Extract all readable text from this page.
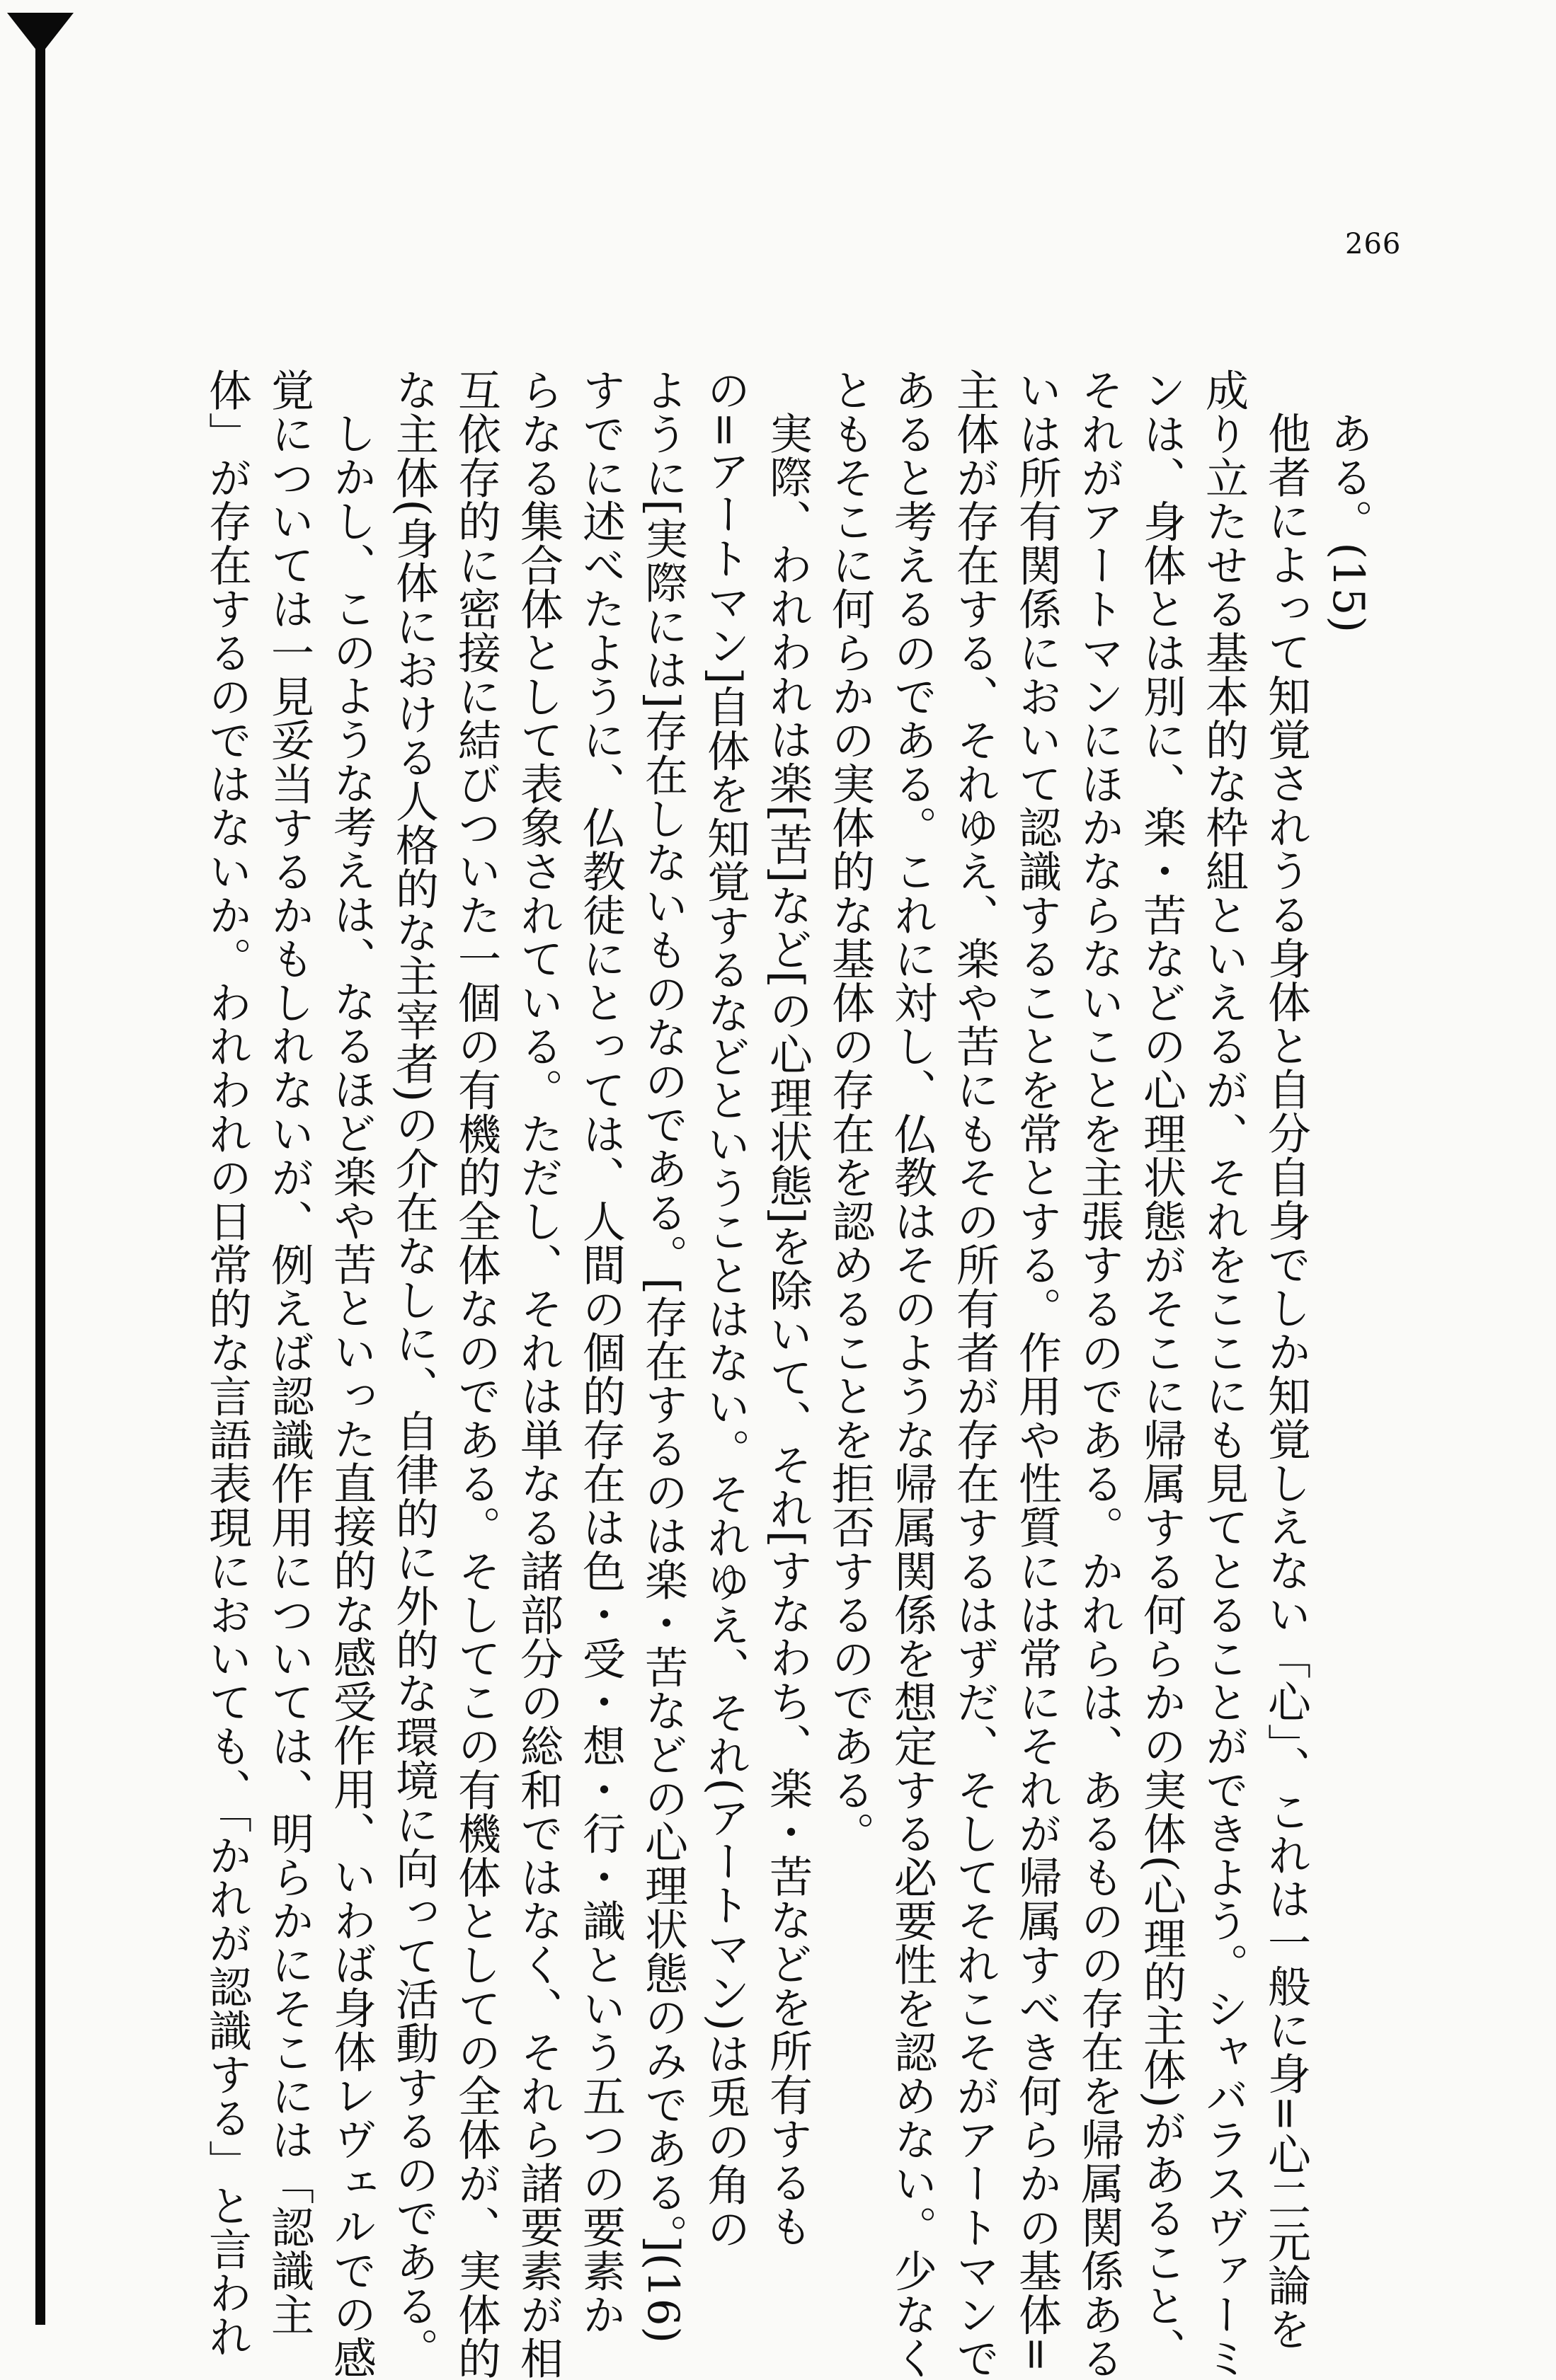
266
ある。(15)
他者によって知覚されうる身体と自分自身でしか知覚しえない「心」、これは一般に身=心二元論を
成り立たせる基本的な枠組といえるが、それをここにも見てとることができよう。シャバラスヴァーミ
ンは、身体とは別に、楽・苦などの心理状態がそこに帰属する何らかの実体(心理的主体)があること、
それがアートマンにほかならないことを主張するのである。かれらは、あるものの存在を帰属関係ある
いは所有関係において認識することを常とする。作用や性質には常にそれが帰属すべき何らかの基体=
主体が存在する、それゆえ、楽や苦にもその所有者が存在するはずだ、そしてそれこそがアートマンで
あると考えるのである。これに対し、仏教はそのような帰属関係を想定する必要性を認めない。少なく
ともそこに何らかの実体的な基体の存在を認めることを拒否するのである。
実際、われわれは楽[苦]など[の心理状態]を除いて、それ[すなわち、楽・苦などを所有するも
の=アートマン]自体を知覚するなどということはない。それゆえ、それ(アートマン)は兎の角の
ように[実際には]存在しないものなのである。[存在するのは楽・苦などの心理状態のみである。](16)
すでに述べたように、仏教徒にとっては、人間の個的存在は色・受・想・行・識という五つの要素か
らなる集合体として表象されている。ただし、それは単なる諸部分の総和ではなく、それら諸要素が相
互依存的に密接に結びついた一個の有機的全体なのである。そしてこの有機体としての全体が、実体的
な主体(身体における人格的な主宰者)の介在なしに、自律的に外的な環境に向って活動するのである。
しかし、このような考えは、なるほど楽や苦といった直接的な感受作用、いわば身体レヴェルでの感
覚については一見妥当するかもしれないが、例えば認識作用については、明らかにそこには「認識主
体」が存在するのではないか。われわれの日常的な言語表現においても、「かれが認識する」と言われ
